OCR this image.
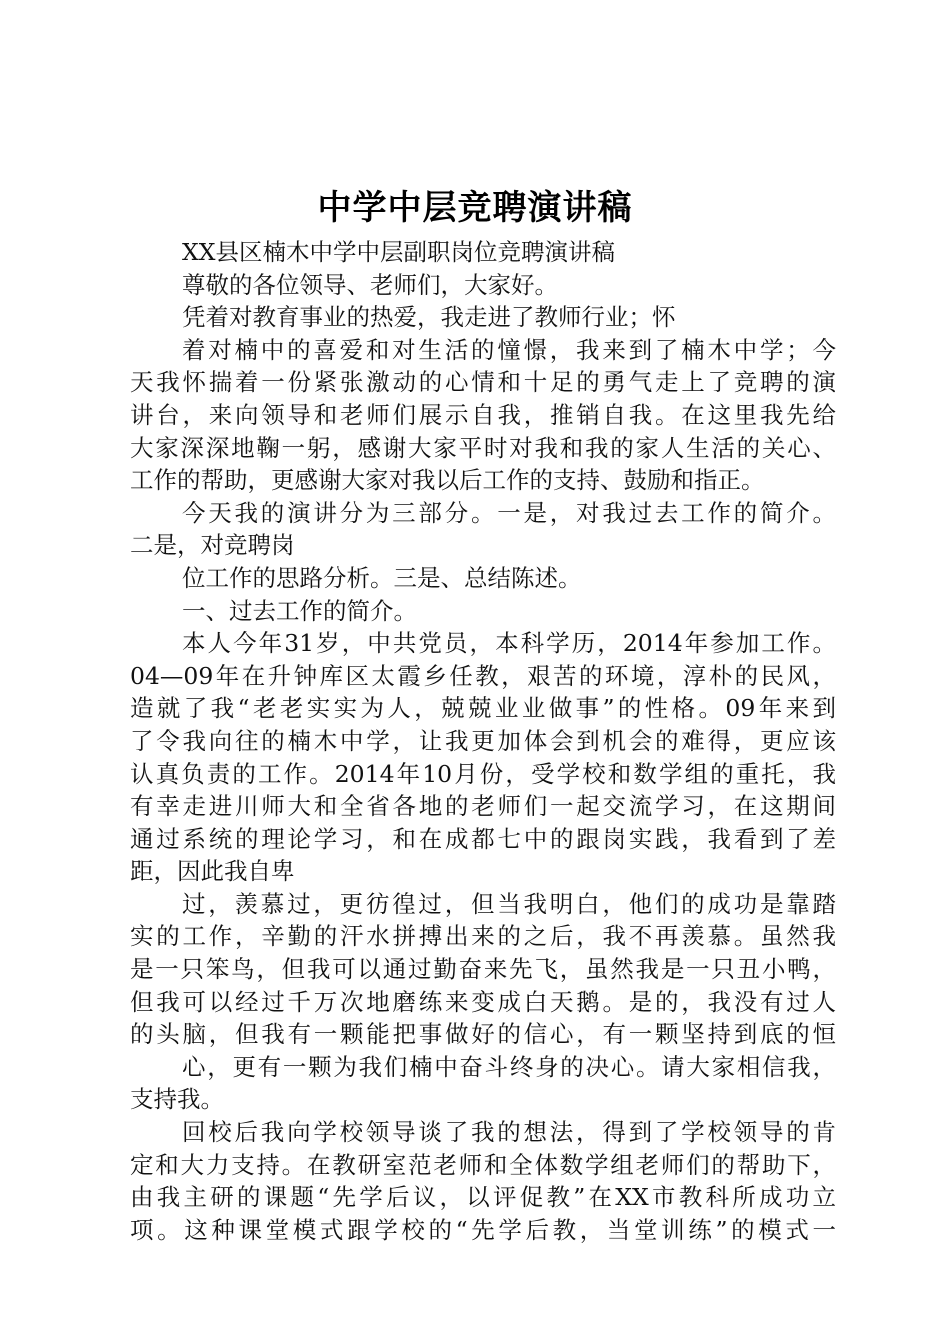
中学中层竞聘演讲稿
XX县区楠木中学中层副职岗位竞聘演讲稿
尊敬的各位领导、老师们，大家好。
凭着对教育事业的热爱，我走进了教师行业；怀
着对楠中的喜爱和对生活的憧憬，我来到了楠木中学；今
天我怀揣着一份紧张激动的心情和十足的勇气走上了竞聘的演
讲台，来向领导和老师们展示自我，推销自我。在这里我先给
大家深深地鞠一躬，感谢大家平时对我和我的家人生活的关心、
工作的帮助，更感谢大家对我以后工作的支持、鼓励和指正。
今天我的演讲分为三部分。一是，对我过去工作的简介。
二是，对竞聘岗
位工作的思路分析。三是、总结陈述。
一、过去工作的简介。
本人今年31岁，中共党员，本科学历，2014年参加工作。
04—09年在升钟库区太霞乡任教，艰苦的环境，淳朴的民风，
造就了我“老老实实为人，兢兢业业做事”的性格。09年来到
了令我向往的楠木中学，让我更加体会到机会的难得，更应该
认真负责的工作。2014年10月份，受学校和数学组的重托，我
有幸走进川师大和全省各地的老师们一起交流学习，在这期间
通过系统的理论学习，和在成都七中的跟岗实践，我看到了差
距，因此我自卑
过，羡慕过，更彷徨过，但当我明白，他们的成功是靠踏
实的工作，辛勤的汗水拼搏出来的之后，我不再羡慕。虽然我
是一只笨鸟，但我可以通过勤奋来先飞，虽然我是一只丑小鸭，
但我可以经过千万次地磨练来变成白天鹅。是的，我没有过人
的头脑，但我有一颗能把事做好的信心，有一颗坚持到底的恒
心，更有一颗为我们楠中奋斗终身的决心。请大家相信我，
支持我。
回校后我向学校领导谈了我的想法，得到了学校领导的肯
定和大力支持。在教研室范老师和全体数学组老师们的帮助下，
由我主研的课题“先学后议，以评促教”在XX市教科所成功立
项。这种课堂模式跟学校的“先学后教，当堂训练”的模式一
